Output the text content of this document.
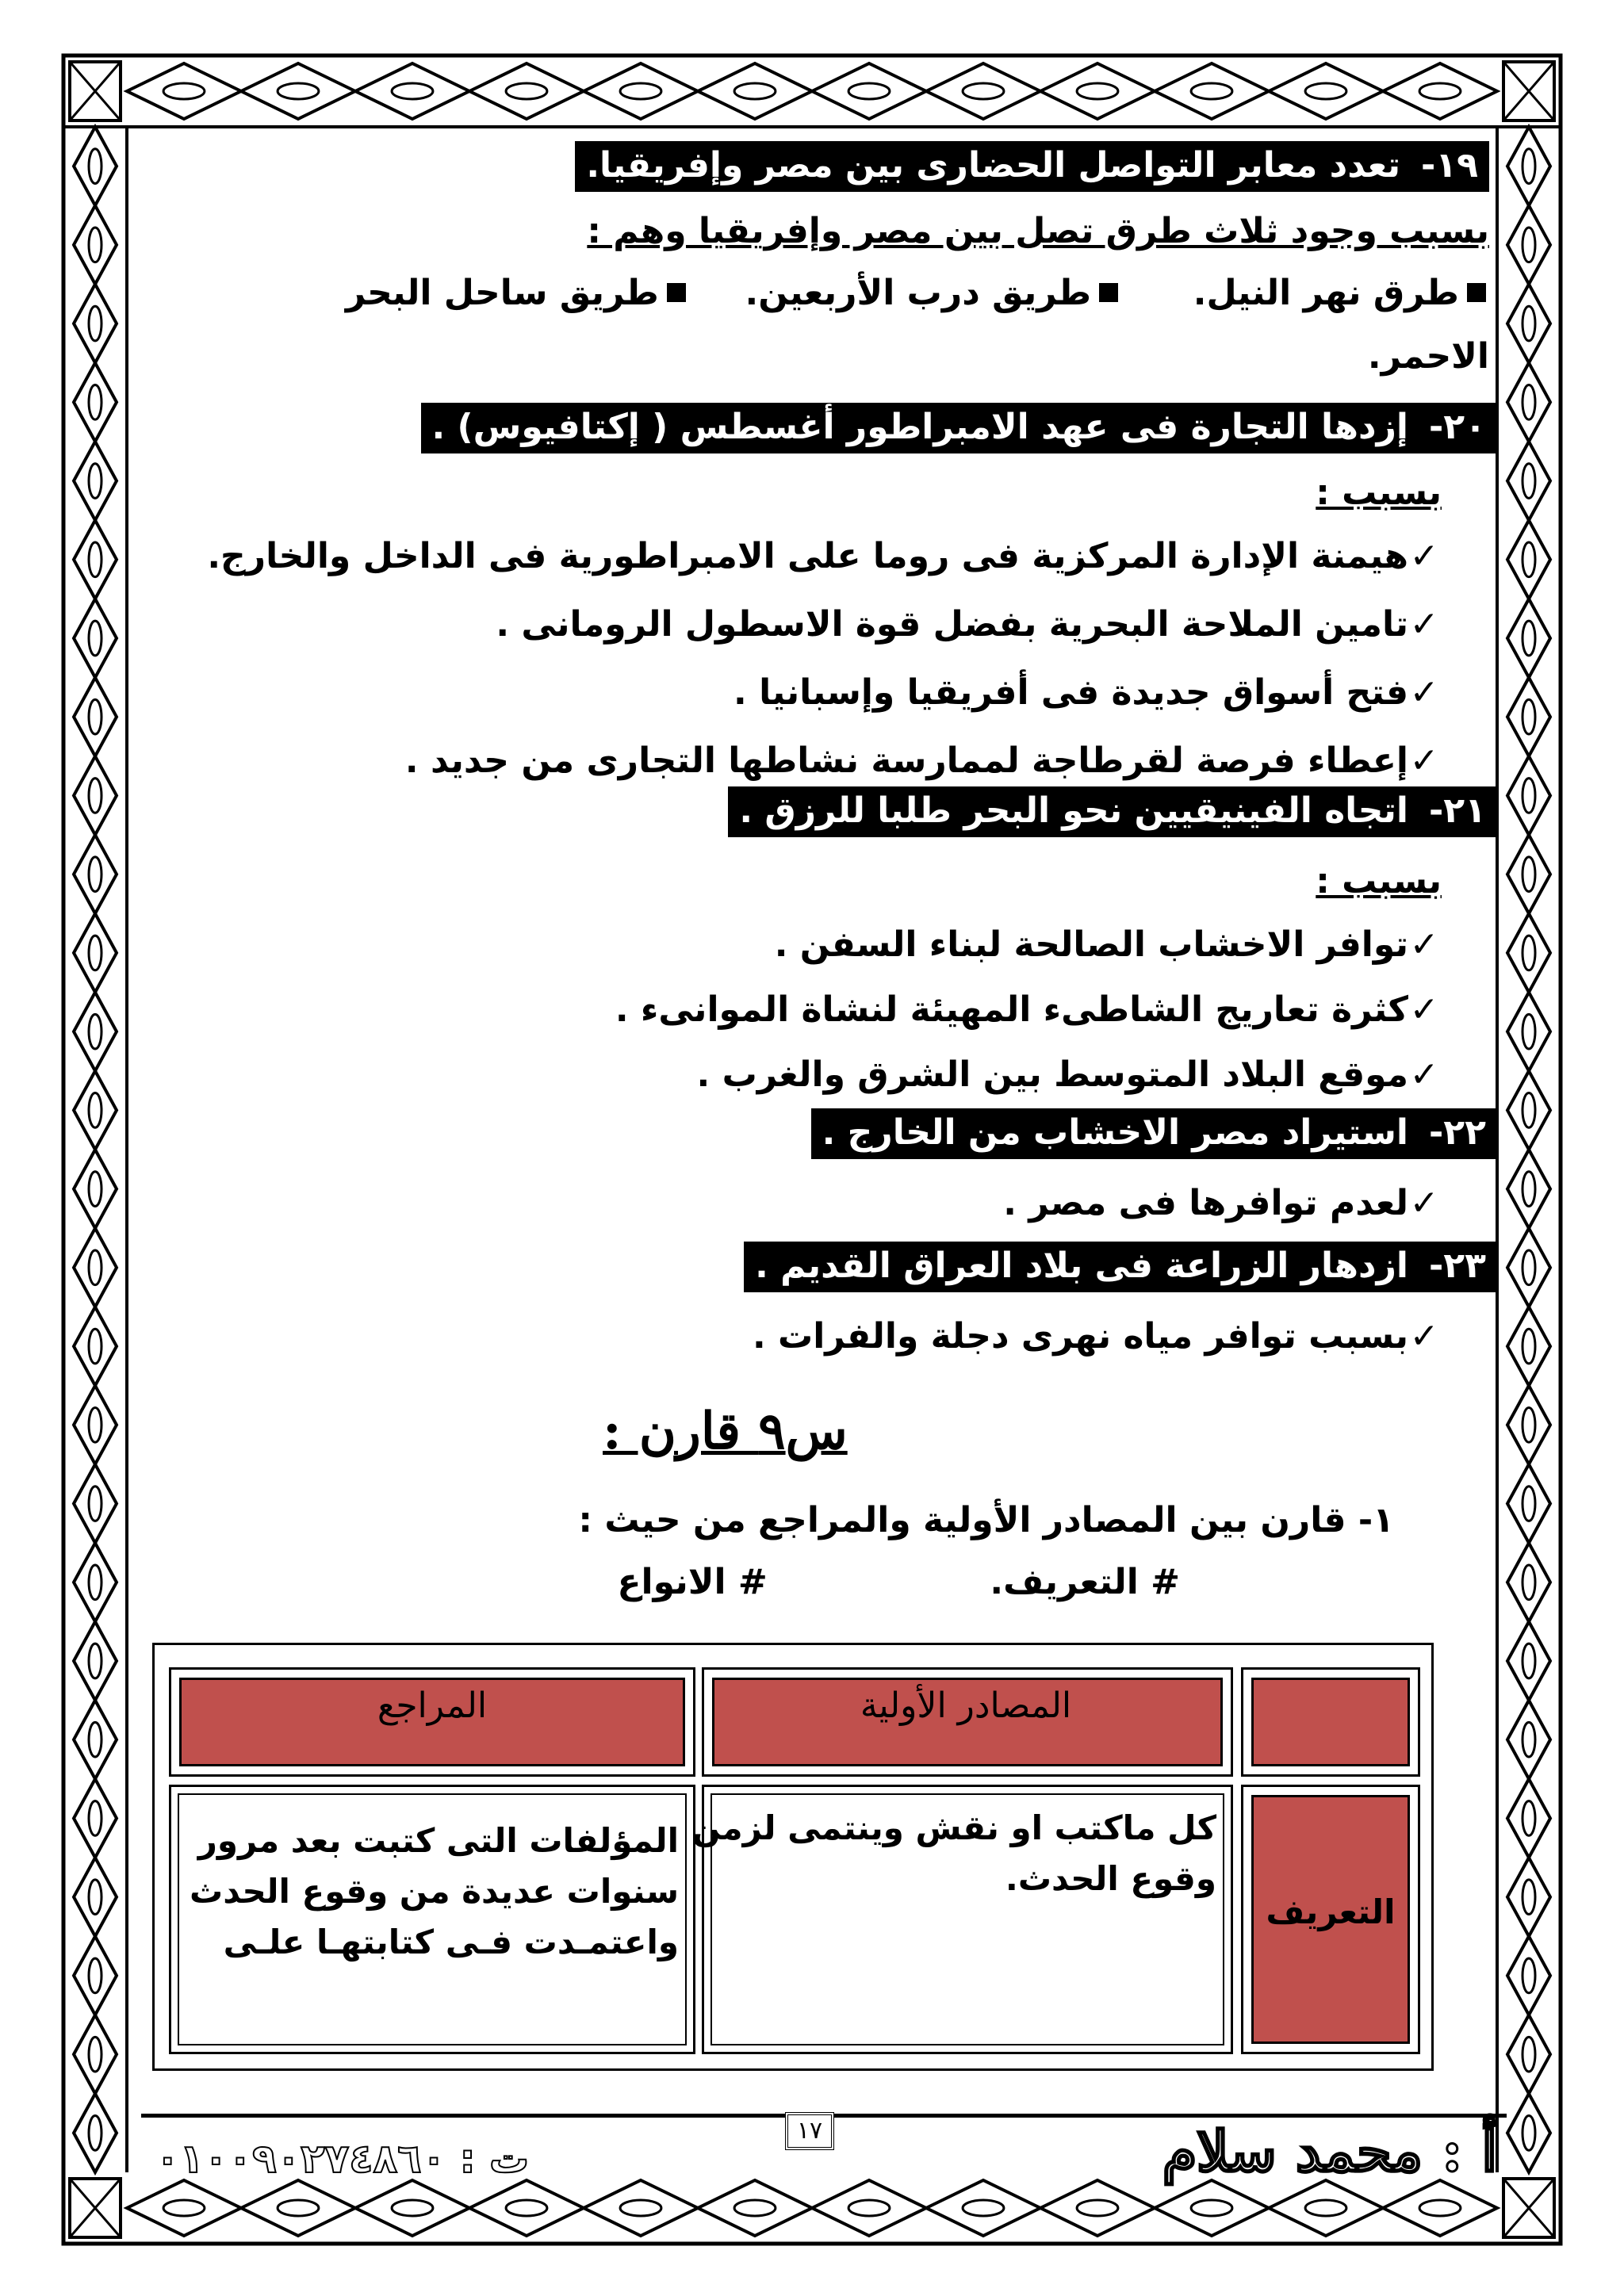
١٩-تعدد معابر التواصل الحضارى بين مصر وإفريقيا.
بسبب وجود ثلاث طرق تصل بين مصر وإفريقيا وهم :
طرق نهر النيل.  طريق درب الأربعين.  طريق ساحل البحر
الاحمر.
٢٠-إزدها التجارة فى عهد الامبراطور أغسطس ( إكتافيوس) .
بسبب :
✓هيمنة الإدارة المركزية فى روما على الامبراطورية فى الداخل والخارج.
✓تامين الملاحة البحرية بفضل قوة الاسطول الرومانى .
✓فتح أسواق جديدة فى أفريقيا وإسبانيا .
✓إعطاء فرصة لقرطاجة لممارسة نشاطها التجارى من جديد .
٢١-اتجاه الفينيقيين نحو البحر طلبا للرزق .
بسبب :
✓توافر الاخشاب الصالحة لبناء السفن .
✓كثرة تعاريج الشاطىء المهيئة لنشاة الموانىء .
✓موقع البلاد المتوسط بين الشرق والغرب .
٢٢-استيراد مصر الاخشاب من الخارج .
✓لعدم توافرها فى مصر .
٢٣-ازدهار الزراعة فى بلاد العراق القديم .
✓بسبب توافر مياه نهرى دجلة والفرات .
س٩ قارن :
١- قارن بين المصادر الأولية والمراجع من حيث :
# التعريف.  # الانواع
المصادر الأولية
المراجع
التعريف
كل ماكتب او نقش وينتمى لزمن
وقوع الحدث.
المؤلفات التى كتبت بعد مرور
سنوات عديدة من وقوع الحدث
واعتمـدت فـى كتابتهـا علـى
١٧	أ : محمد سلام
ت : ٠١٠٠٩٠٢٧٤٨٦٠
